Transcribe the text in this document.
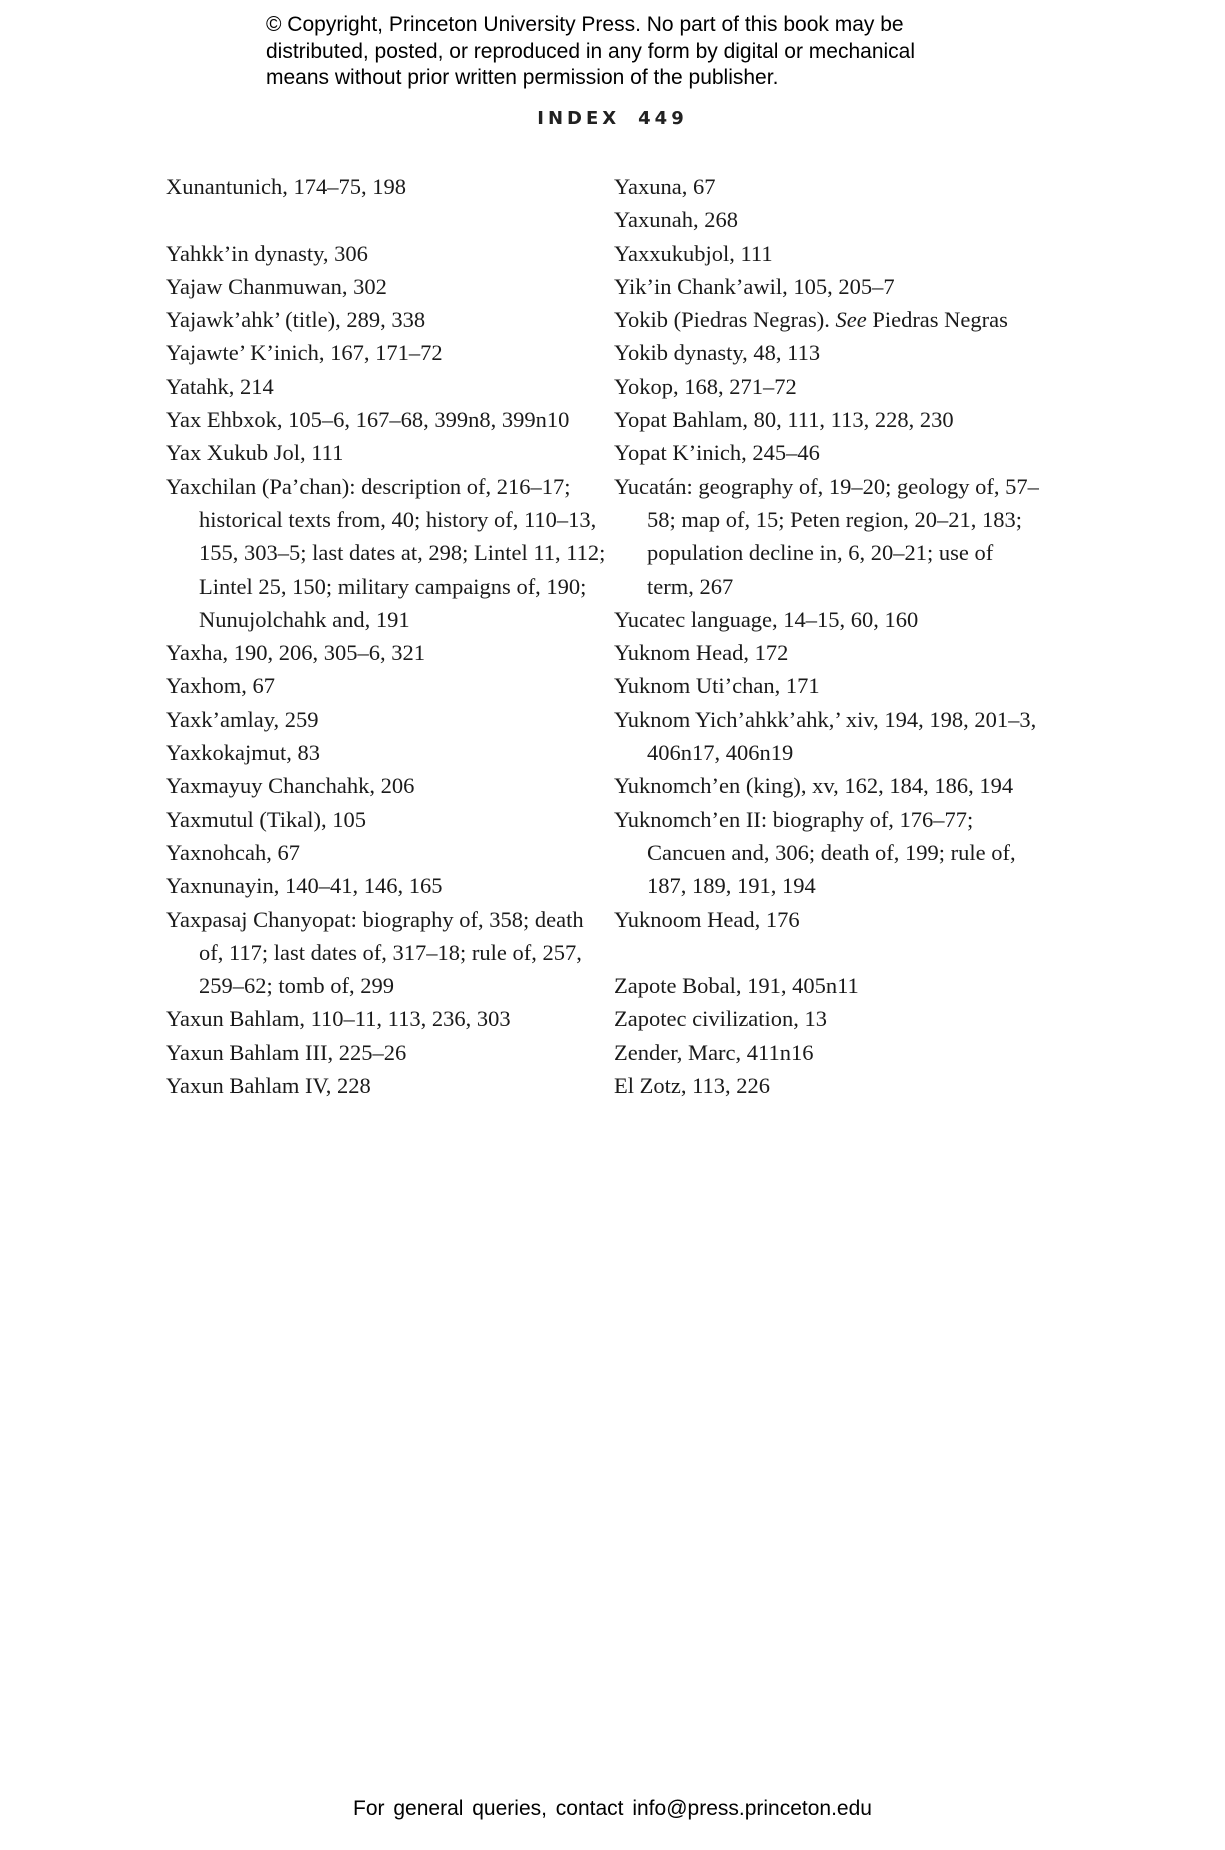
© Copyright, Princeton University Press. No part of this book may be
distributed, posted, or reproduced in any form by digital or mechanical
means without prior written permission of the publisher.
INDEX 449
Xunantunich, 174–75, 198
Yahkk’in dynasty, 306
Yajaw Chanmuwan, 302
Yajawk’ahk’ (title), 289, 338
Yajawte’ K’inich, 167, 171–72
Yatahk, 214
Yax Ehbxok, 105–6, 167–68, 399n8, 399n10
Yax Xukub Jol, 111
Yaxchilan (Pa’chan): description of, 216–17; historical texts from, 40; history of, 110–13, 155, 303–5; last dates at, 298; Lintel 11, 112; Lintel 25, 150; military campaigns of, 190; Nunujolchahk and, 191
Yaxha, 190, 206, 305–6, 321
Yaxhom, 67
Yaxk’amlay, 259
Yaxkokajmut, 83
Yaxmayuy Chanchahk, 206
Yaxmutul (Tikal), 105
Yaxnohcah, 67
Yaxnunayin, 140–41, 146, 165
Yaxpasaj Chanyopat: biography of, 358; death of, 117; last dates of, 317–18; rule of, 257, 259–62; tomb of, 299
Yaxun Bahlam, 110–11, 113, 236, 303
Yaxun Bahlam III, 225–26
Yaxun Bahlam IV, 228
Yaxuna, 67
Yaxunah, 268
Yaxxukubjol, 111
Yik’in Chank’awil, 105, 205–7
Yokib (Piedras Negras). See Piedras Negras
Yokib dynasty, 48, 113
Yokop, 168, 271–72
Yopat Bahlam, 80, 111, 113, 228, 230
Yopat K’inich, 245–46
Yucatán: geography of, 19–20; geology of, 57–58; map of, 15; Peten region, 20–21, 183; population decline in, 6, 20–21; use of term, 267
Yucatec language, 14–15, 60, 160
Yuknom Head, 172
Yuknom Uti’chan, 171
Yuknom Yich’ahkk’ahk,’ xiv, 194, 198, 201–3, 406n17, 406n19
Yuknomch’en (king), xv, 162, 184, 186, 194
Yuknomch’en II: biography of, 176–77; Cancuen and, 306; death of, 199; rule of, 187, 189, 191, 194
Yuknoom Head, 176
Zapote Bobal, 191, 405n11
Zapotec civilization, 13
Zender, Marc, 411n16
El Zotz, 113, 226
For general queries, contact info@press.princeton.edu
